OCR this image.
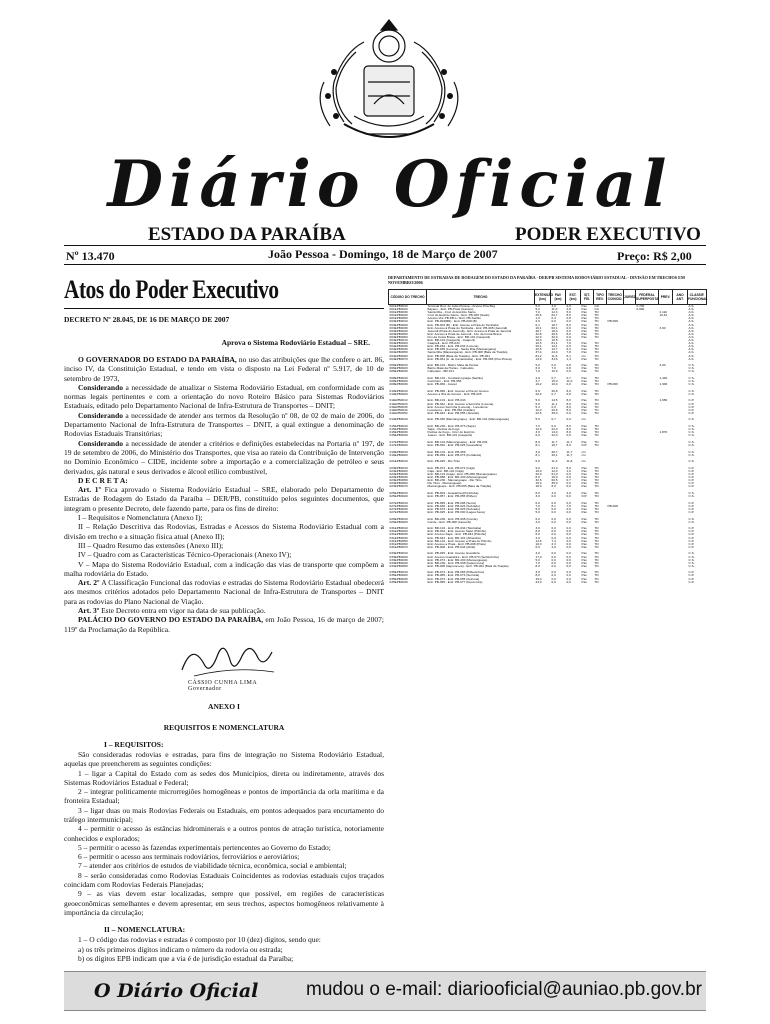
Diário Oficial
ESTADO DA PARAÍBA	PODER EXECUTIVO
Nº 13.470	João Pessoa - Domingo, 18 de Março de 2007	Preço: R$ 2,00
Atos do Poder Executivo
DECRETO Nº 28.045, DE 16 DE MARÇO DE 2007
Aprova o Sistema Rodoviário Estadual – SRE.

O GOVERNADOR DO ESTADO DA PARAÍBA, no uso das atribuições que lhe confere o art. 86, inciso IV, da Constituição Estadual, e tendo em vista o disposto na Lei Federal nº 5.917, de 10 de setembro de 1973,

Considerando a necessidade de atualizar o Sistema Rodoviário Estadual, em conformidade com as normas legais pertinentes e com a orientação do novo Roteiro Básico para Sistemas Rodoviários Estaduais, editado pelo Departamento Nacional de Infra-Estrutura de Transportes – DNIT;

Considerando a necessidade de atender aos termos da Resolução nº 08, de 02 de maio de 2006, do Departamento Nacional de Infra-Estrutura de Transportes – DNIT, a qual extingue a denominação de Rodovias Estaduais Transitórias;

Considerando a necessidade de atender a critérios e definições estabelecidas na Portaria nº 197, de 19 de setembro de 2006, do Ministério dos Transportes, que visa ao rateio da Contribuição de Intervenção no Domínio Econômico – CIDE, incidente sobre a importação e a comercialização de petróleo e seus derivados, gás natural e seus derivados e álcool etílico combustível,

D E C R E T A:

Art. 1º Fica aprovado o Sistema Rodoviário Estadual – SRE, elaborado pelo Departamento de Estradas de Rodagem do Estado da Paraíba – DER/PB, constituído pelos seguintes documentos, que integram o presente Decreto, dele fazendo parte, para os fins de direito:

I – Requisitos e Nomenclatura (Anexo I);

II – Relação Descritiva das Rodovias, Estradas e Acessos do Sistema Rodoviário Estadual com a divisão em trecho e a situação física atual (Anexo II);

III – Quadro Resumo das extensões (Anexo III);

IV – Quadro com as Características Técnico-Operacionais (Anexo IV);

V – Mapa do Sistema Rodoviário Estadual, com a indicação das vias de transporte que compõem a malha rodoviária do Estado.

Art. 2º A Classificação Funcional das rodovias e estradas do Sistema Rodoviário Estadual obedecerá aos mesmos critérios adotados pelo Departamento Nacional de Infra-Estrutura de Transportes – DNIT para as rodovias do Plano Nacional de Viação.

Art. 3º Este Decreto entra em vigor na data de sua publicação.

PALÁCIO DO GOVERNO DO ESTADO DA PARAÍBA, em João Pessoa, 16 de março de 2007; 119º da Proclamação da República.

CÁSSIO CUNHA LIMA
Governador
ANEXO I
REQUISITOS E NOMENCLATURA
I – REQUISITOS:

São consideradas rodovias e estradas, para fins de integração no Sistema Rodoviário Estadual, aquelas que preencherem as seguintes condições:

1 – ligar a Capital do Estado com as sedes dos Municípios, direta ou indiretamente, através dos Sistemas Rodoviários Estadual e Federal;

2 – integrar politicamente microrregiões homogêneas e pontos de importância da orla marítima e da fronteira Estadual;

3 – ligar duas ou mais Rodovias Federais ou Estaduais, em pontos adequados para encurtamento do tráfego intermunicipal;

4 – permitir o acesso às estâncias hidrominerais e a outros pontos de atração turística, notoriamente conhecidos e explorados;

5 – permitir o acesso às fazendas experimentais pertencentes ao Governo do Estado;

6 – permitir o acesso aos terminais rodoviários, ferroviários e aeroviários;

7 – atender aos critérios de estudos de viabilidade técnica, econômica, social e ambiental;

8 – serão consideradas como Rodovias Estaduais Coincidentes as rodovias estaduais cujos traçados coincidam com Rodovias Federais Planejadas;

9 – as vias devem estar localizadas, sempre que possível, em regiões de características geoeconômicas semelhantes e devem apresentar, em seus trechos, aspectos homogêneos relativamente à importância da circulação;

II – NOMENCLATURA:

1 – O código das rodovias e estradas é composto por 10 (dez) dígitos, sendo que:

a) os três primeiros dígitos indicam o número da rodovia ou estrada;

b) os dígitos EPB indicam que a via é de jurisdição estadual da Paraíba;

DEPARTAMENTO DE ESTRADAS DE RODAGEM DO ESTADO DA PARAÍBA - DER/PB SISTEMA RODOVIÁRIO ESTADUAL - DIVISÃO EM TRECHOS EM NOVEMBRO/2006
CÓDIGO DO TRECHO	TRECHO	EXTENSÃO (km)	PAV (km)	EXT. (km)	SIT. FÍS.	TIPO REV.	TRECHO COINCID.	JURISD.	FEDERAL SUPERPOSTA	PREV.	ANO ANT.	CLASSIF. FUNCIONAL
001EPB0010	Terminal Rod. de João Pessoa - Acesso Pira Beg	5,0	3,0	2,0	Pav	CA			0,700			A.S.
001EPB0020	Bayeux - Entr. PB-Praia (Garapu)	5,2	11,0	4,8	Pav	CA			0,900			A.S.
001EPB0030	Santa Rita - Cruz do Espírito Santo	7,0	12,3	5,6	Pav	TD				2,110		A.S.
001EPB0040	Cruz do Espírito Santo - Entr. PB-025 (Gado)	20,6	62,7	8,0	Pav	TD				10,61		A.S.
001EPB0050	Acesso Via: PB-PB-1 / Entr. PB-Sertão	1,0	0,4	0,8	Pav	TD						A.S.
003EPB0010	Entr. PB-004(BR) - Entr. PB-008 (B)	2,0	0,0	0,0	Pav	TD	PB-008					A.S.
003EPB0020	Entr. PB-004 (B) - Entr. Acesso a Praia do Tambaba	6,1	18,7	8,0	Pav	TD						A.S.
003EPB0030	Entr. Acesso à Praia do Tambaba - Entr. PB-008 (Jacumã)	16,1	60,1	0,0	Pav	TD				3,00		A.S.
003EPB0040	Jacumã (Praia do Jacumã) - Entr. Acesso à Praia do Jacumã	40,7	18,0	0,0	Pav	TD						A.S.
003EPB0050	Entr. Acesso à Praia de Jacumã - Fim da Costa Brava	32,8	46,6	8,0	Pav	TD						A.S.
003EPB0060	Fim da Costa Brava - Entr. BR-101 (Caaporã)	22,0	32,0	0,0	Pav	TD						A.S.
004EPB0010	Entr. BR-101 (Caaporã) - Caaporã	10,0	10,5	0,0								A.S.
004EPB0020	Caaporã - Entr. PB-034	10,5	81,1	7,9	Pav	TD						A.S.
004EPB0030	Entr. PB-034 - Entr. PB-034 (Lucena)	26,1	12,1	0,0	Pav	TD						A.S.
004EPB0040	Entr. PB-035 (Lucena) - Santa Rita (Massangana)	42,5	12,7	6,4	Pav	TD						A.S.
004EPB0050	Santa Rita (Massangana) - Entr. PB-008 (Baía da Traição)	37,4	24,0	7,8	Pav	TD						A.S.
004EPB0060	Entr. PB-008 (Baía da Traição) - Entr. PB-061	81,2	11,6	8,1	c/n	TD						A.S.
004EPB0070	Entr. PB-061 (A. de Camaratuba) - Entr. PB-065 (Pira Pirana)	13,9	33,6	1,4	Pav	TD						A.S.

006EPB0010	Entr. BR-101 - Bairro Mata da Hortas	5,0	0,0	0,8	Pav	TD				3,00		C.S.
006EPB0020	Bairro Mata da Hortas - Cabedelo	6,0	7,9	0,8	Pav	TD						C.S.
006EPB0030	Cabedelo - BR-101	7,0	10,9	0,0	Pav	TD						C.S.

008EPB0010	Entr. BR-101 - Condado Ignaga (Sertão)	4,0	0,7	0,7	Pav	TD				1,440		C.S.
008EPB0020	Gurinhém - Entr. PB-066	3,7	15,0	11,0	Pav	TD						C.S.
008EPB0030	Entr. PB-066 - Juarez	10,2	10,0	0,0	Pav	TD	PB-066			1,900		C.S.

010EPB0010	Entr. PB-066 - Entr. Acesso a Ilha do Grosso	6,9	26,8	8,0	Pav	TD						C.S.
010EPB0020	Acesso a Ilha do Grosso - Entr. PB-025	22,0	0,7	0,0	Pav	TD						C.S.

011EPB0010	Entr. BR-101 - Entr. PB-043	5,0	14,5	8,0	Pav	TD				1,650		C.P.
011EPB0020	Entr. PB-042 - Entr. Acesso a Serrinha (Lucena)	6,0	11,1	8,0	Pav	TD						C.P.
011EPB0030	Entr. Acesso Serrinha (Lucena) - Lucedema	5,4	0,0	8,0	Pav	TD						C.P.
011EPB0040	Lucedema - Entr. PB-062 (Caldas)	12,0	22,6	8,0	Pav	TD						C.P.
011EPB0050	Entr. PB-043 - Entr. PB-055 (Jacaraú)	22,6	39,0	0,0	Pav	TD						C.P.

013EPB0010	Entr. PB-030 (Mamanguape) - Entr. BR-101 (Mamanguape)	5,0	0,7	0,0	c/n							C.S.

015EPB0010	Entr. BR-230 - Entr. PB-073 (Sapé)	7,0	0,0	8,0	Pav	TD						C.S.
015EPB0020	Sapé - Pedras de Fogo	12,0	22,0	8,0	Pav	TD						C.S.
015EPB0030	Pedras de Fogo - Cruz do Espírito	3,6	14,0	8,0	Pav	TD				1,870		C.S.
015EPB0040	Juarez - Entr. BR-101 (Caaporã)	6,0	22,0	0,0	Pav	TD						C.S.

017EPB0010	Entr. BR-101 (Mamanguape) - Entr. PB-032	8,0	11,7	11,7	Pav	TD						C.S.
017EPB0020	Entr. PB-032 - Entr. PB-025 (Guarabira)	8,1	18,7	8,0	ICP	TD						C.S.

019EPB0010	Entr. BR-101 - Entr. PB-059	3,0	28,7	11,7	c/n							C.S.
019EPB0020	Entr. PB-059 - Entr. PB-073 (Fortaleza)	8,1	40,1	11,7	c/n							C.S.

021EPB0010	Entr. PB-025 - Rio Tinto	6,0	11,3	11,8	c/n							C.S.

023EPB0010	Entr. PB-073 - Entr. PB-072 (Cajá)	9,0	21,0	8,0	Pav	TD						C.P.
023EPB0020	Cajá - Entr. BR-101 (Cajá)	10,0	12,0	1,0	Pav	TD						C.P.
023EPB0030	Entr. BR-101 (Cajá) - Entr. PB-088 (Mamanguape)	20,0	61,0	0,0	Pav	TD						C.P.
023EPB0040	Entr. PB-088 - Entr. BR-230 (Mamanguape)	8,0	16,0	0,0	Pav	TD						C.P.
023EPB0050	Entr. BR-230 - Mamanguape - Rio Tinto	32,6	60,5	0,7	Pav	TD						C.P.
023EPB0060	Rio Tinto - Mamanguape	15,0	35,0	0,0	Pav	TD						C.P.
023EPB0070	Mamanguape - Entr. PB-065 (Baía da Traição)	18,0	8,0	0,0	Pav	TD						C.P.

025EPB0010	Entr. PB-004 - Guarabira (Pirpirituba)	8,0	4,0	4,0	Pav	TD						C.S.
025EPB0020	Entr. PB-057 - Entr. PB-055 (Pilões)	3,0	0,0	0,0	ICP	TD						C.S.

027EPB0010	Entr. PB-065 - Entr. PB-008 (Serra)	6,0	0,0	0,0	Pav	TD						C.P.
027EPB0020	Entr. PB-030 - Entr. PB-023 (Sobrado)	7,0	8,1	7,0	Pav	TD	PB-008					C.P.
027EPB0030	Entr. PB-073 - Entr. PB-025 (Sobrado)	5,0	0,0	0,0	Pav	TD						C.P.
027EPB0040	Entr. PB-025 - Entr. PB-030 (Lagoa Seca)	5,0	0,0	0,0	Pav	TD						C.P.

029EPB0010	Entr. BR-230 - Entr. PB-008 (Conde)	6,0	0,0	0,0	Pav	TD						C.S.
029EPB0020	Conde - Entr. PB-008 (Jacumã)	3,0	0,0	0,0	Pav	TD						C.S.

031EPB0010	Entr. BR-101 - Entr. PB-034 (Tambaba)	3,0	0,0	0,0	Pav	TD						C.P.
031EPB0020	Entr. PB-034 - Entr. Acesso Sapé (Pitimbu)	8,0	0,0	0,0	Pav	TD						C.P.
031EPB0030	Entr. Acesso Sapé - Entr. PB-044 (Pitimbu)	5,0	0,0	0,0	Pav	TD						C.P.
031EPB0040	Entr. PB-044 - Entr. BR-101 (Alhandra)	3,0	0,0	0,0	Pav	TD						C.P.
031EPB0050	Entr. BR-101 - Entr. Acesso a Praia do Pitimbu	14,6	7,4	0,0	Pav	TD						C.P.
031EPB0060	Entr. Acesso a Praia - Entr. PB-008 (Praia)	10,0	2,3	0,0	Pav	TD						C.P.
031EPB0070	Entr. PB-008 - Entr. PB-044 (Abiaí)	6,0	2,0	0,0	Pav	TD						C.P.

033EPB0010	Entr. PB-025 - Entr. Acesso Guarabira	4,0	0,0	0,0	Pav	TD						C.S.
033EPB0020	Entr. Acesso Guarabira - Entr. PB-073 (Sertãozinho)	17,0	0,0	0,0	Pav	TD						C.S.
033EPB0030	Entr. PB-073 - Entr. BR-230 (Mamanguape)	5,0	0,0	0,0	Pav	TD						C.S.
033EPB0040	Entr. BR-230 - Entr. PB-008 (Itapororoca)	7,0	0,0	0,0	Pav	TD						C.S.
033EPB0050	Entr. PB-008 (Itapororoca) - Entr. PB-004 (Baía da Traição)	8,0	0,0	0,0	Pav	TD						C.S.

035EPB0010	Entr. PB-073 - Entr. PB-065 (Pilõezinhos)	3,0	0,0	0,0	Pav	TD						C.P.
035EPB0020	Entr. PB-065 - Entr. PB-073 (Serraria)	8,0	0,0	0,0	Pav	TD						C.P.
035EPB0030	Entr. PB-073 - Entr. PB-055 (Araruna)	15,0	0,0	0,0	Pav	TD						C.P.
035EPB0040	Entr. PB-055 - Entr. PB-077 (Dona Inês)	23,0	0,0	0,0	Pav	TD						C.P.
O Diário Oficial	mudou o e-mail: diariooficial@auniao.pb.gov.br
